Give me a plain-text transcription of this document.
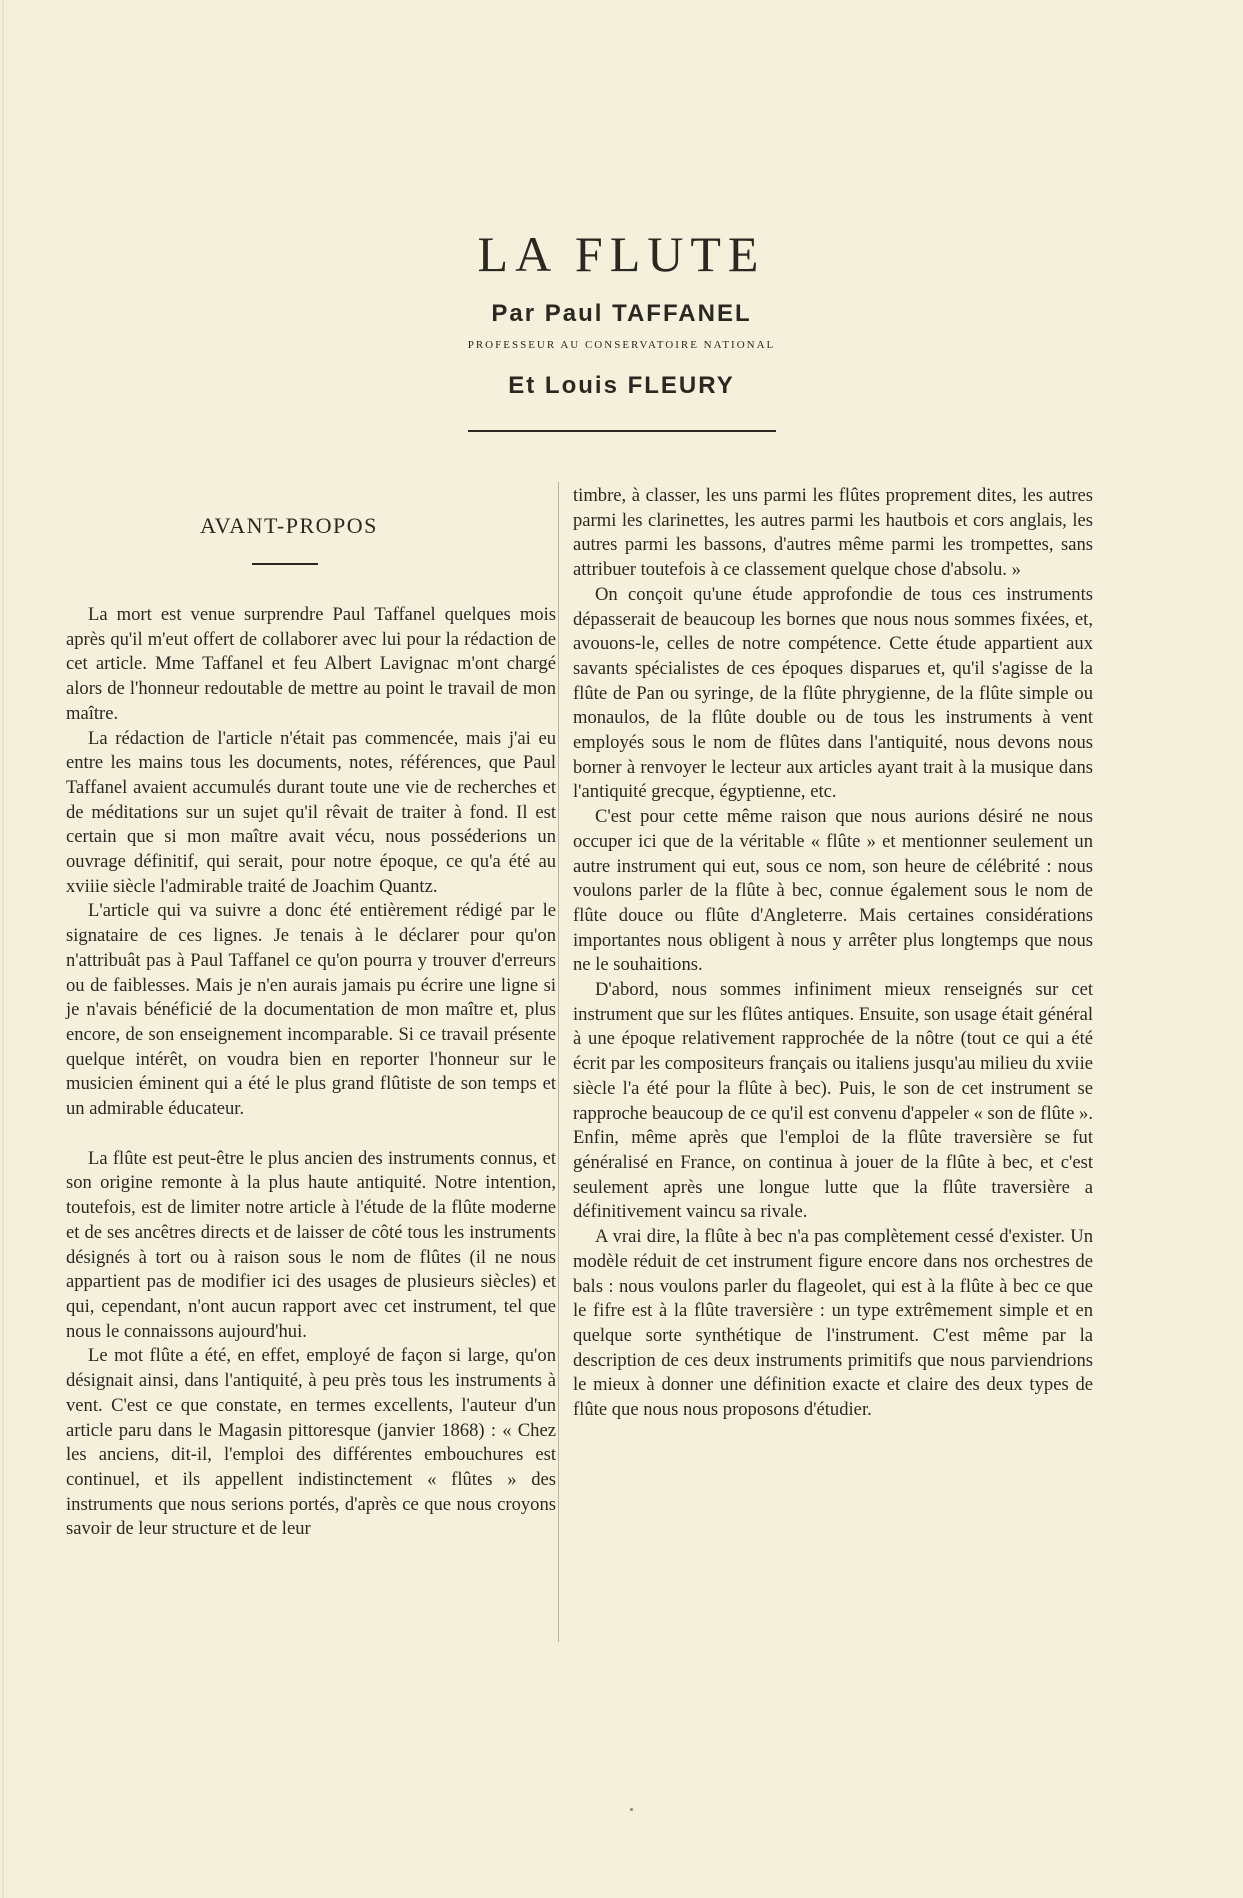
LA FLUTE
Par Paul TAFFANEL
PROFESSEUR AU CONSERVATOIRE NATIONAL
Et Louis FLEURY
AVANT-PROPOS

La mort est venue surprendre Paul Taffanel quelques mois après qu'il m'eut offert de collaborer avec lui pour la rédaction de cet article. Mme Taffanel et feu Albert Lavignac m'ont chargé alors de l'honneur redoutable de mettre au point le travail de mon maître.

La rédaction de l'article n'était pas commencée, mais j'ai eu entre les mains tous les documents, notes, références, que Paul Taffanel avaient accumulés durant toute une vie de recherches et de méditations sur un sujet qu'il rêvait de traiter à fond. Il est certain que si mon maître avait vécu, nous posséderions un ouvrage définitif, qui serait, pour notre époque, ce qu'a été au xviiie siècle l'admirable traité de Joachim Quantz.

L'article qui va suivre a donc été entièrement rédigé par le signataire de ces lignes. Je tenais à le déclarer pour qu'on n'attribuât pas à Paul Taffanel ce qu'on pourra y trouver d'erreurs ou de faiblesses. Mais je n'en aurais jamais pu écrire une ligne si je n'avais bénéficié de la documentation de mon maître et, plus encore, de son enseignement incomparable. Si ce travail présente quelque intérêt, on voudra bien en reporter l'honneur sur le musicien éminent qui a été le plus grand flûtiste de son temps et un admirable éducateur.

La flûte est peut-être le plus ancien des instruments connus, et son origine remonte à la plus haute antiquité. Notre intention, toutefois, est de limiter notre article à l'étude de la flûte moderne et de ses ancêtres directs et de laisser de côté tous les instruments désignés à tort ou à raison sous le nom de flûtes (il ne nous appartient pas de modifier ici des usages de plusieurs siècles) et qui, cependant, n'ont aucun rapport avec cet instrument, tel que nous le connaissons aujourd'hui.

Le mot flûte a été, en effet, employé de façon si large, qu'on désignait ainsi, dans l'antiquité, à peu près tous les instruments à vent. C'est ce que constate, en termes excellents, l'auteur d'un article paru dans le Magasin pittoresque (janvier 1868) : « Chez les anciens, dit-il, l'emploi des différentes embouchures est continuel, et ils appellent indistinctement « flûtes » des instruments que nous serions portés, d'après ce que nous croyons savoir de leur structure et de leur

timbre, à classer, les uns parmi les flûtes proprement dites, les autres parmi les clarinettes, les autres parmi les hautbois et cors anglais, les autres parmi les bassons, d'autres même parmi les trompettes, sans attribuer toutefois à ce classement quelque chose d'absolu. »

On conçoit qu'une étude approfondie de tous ces instruments dépasserait de beaucoup les bornes que nous nous sommes fixées, et, avouons-le, celles de notre compétence. Cette étude appartient aux savants spécialistes de ces époques disparues et, qu'il s'agisse de la flûte de Pan ou syringe, de la flûte phrygienne, de la flûte simple ou monaulos, de la flûte double ou de tous les instruments à vent employés sous le nom de flûtes dans l'antiquité, nous devons nous borner à renvoyer le lecteur aux articles ayant trait à la musique dans l'antiquité grecque, égyptienne, etc.

C'est pour cette même raison que nous aurions désiré ne nous occuper ici que de la véritable « flûte » et mentionner seulement un autre instrument qui eut, sous ce nom, son heure de célébrité : nous voulons parler de la flûte à bec, connue également sous le nom de flûte douce ou flûte d'Angleterre. Mais certaines considérations importantes nous obligent à nous y arrêter plus longtemps que nous ne le souhaitions.

D'abord, nous sommes infiniment mieux renseignés sur cet instrument que sur les flûtes antiques. Ensuite, son usage était général à une époque relativement rapprochée de la nôtre (tout ce qui a été écrit par les compositeurs français ou italiens jusqu'au milieu du xviie siècle l'a été pour la flûte à bec). Puis, le son de cet instrument se rapproche beaucoup de ce qu'il est convenu d'appeler « son de flûte ». Enfin, même après que l'emploi de la flûte traversière se fut généralisé en France, on continua à jouer de la flûte à bec, et c'est seulement après une longue lutte que la flûte traversière a définitivement vaincu sa rivale.

A vrai dire, la flûte à bec n'a pas complètement cessé d'exister. Un modèle réduit de cet instrument figure encore dans nos orchestres de bals : nous voulons parler du flageolet, qui est à la flûte à bec ce que le fifre est à la flûte traversière : un type extrêmement simple et en quelque sorte synthétique de l'instrument. C'est même par la description de ces deux instruments primitifs que nous parviendrions le mieux à donner une définition exacte et claire des deux types de flûte que nous nous proposons d'étudier.
